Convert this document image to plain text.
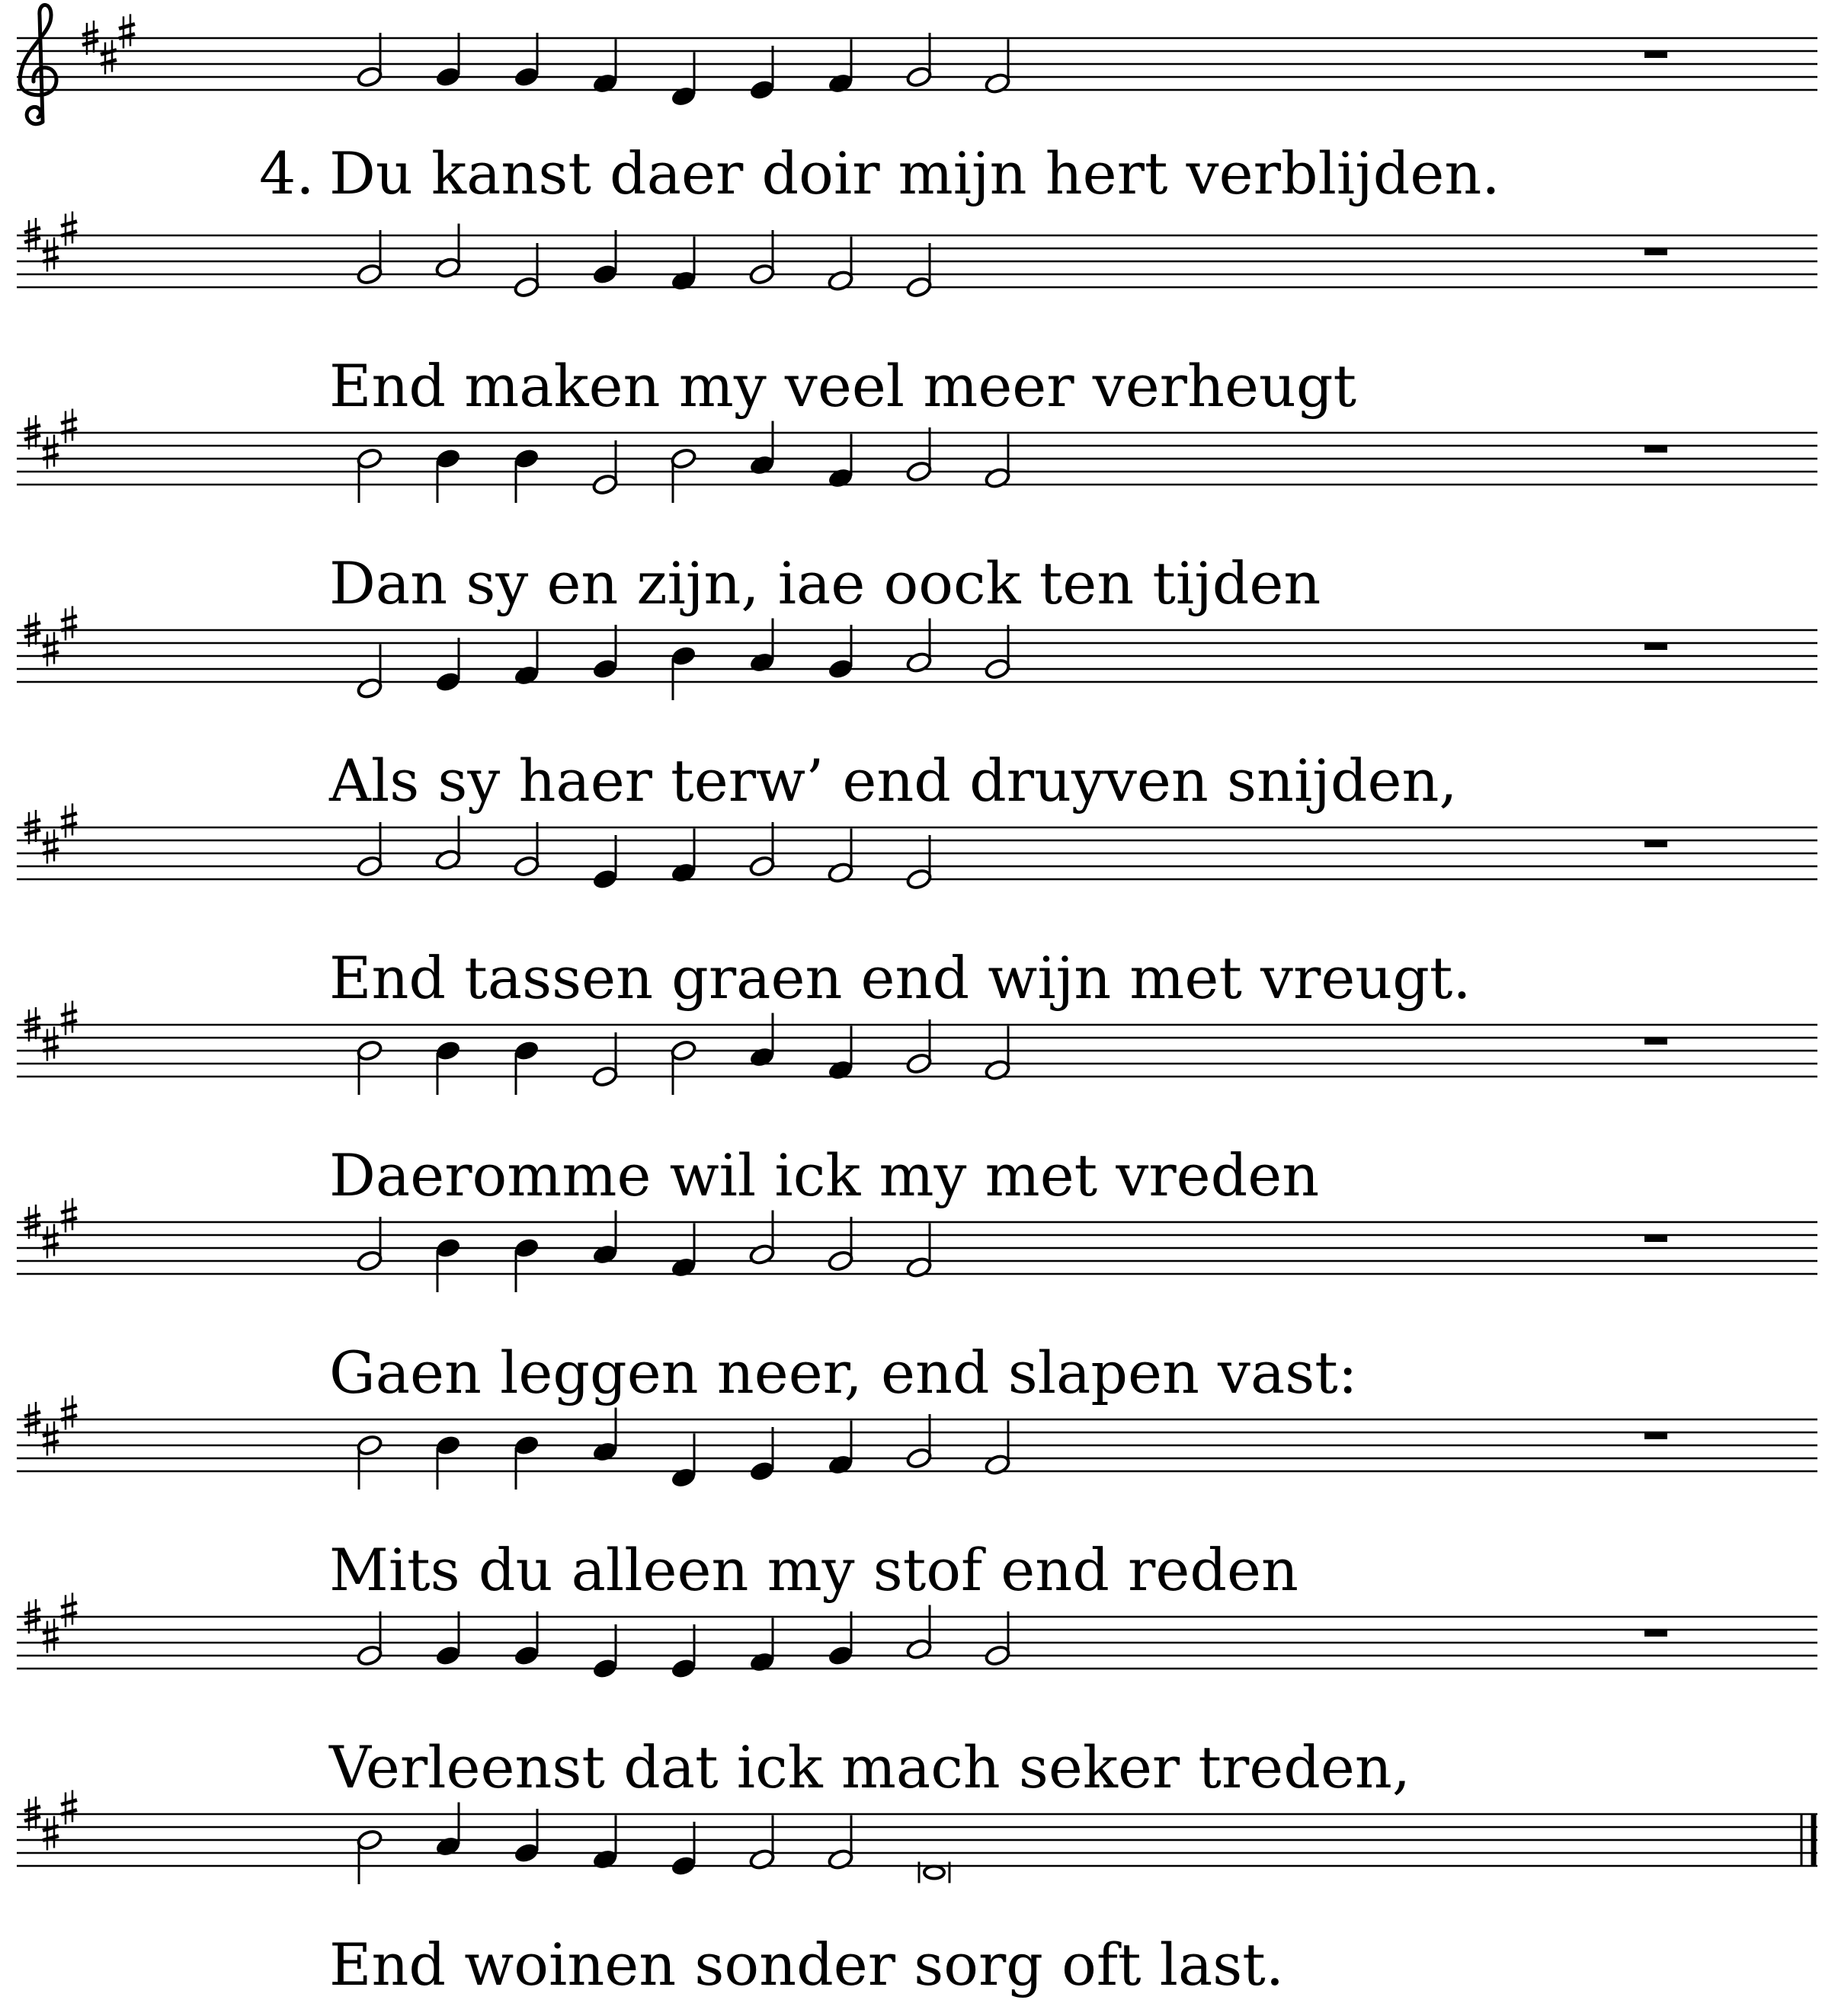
4. Du kanst daer doir mijn hert verblijden.
End maken my veel meer verheugt
Dan sy en zijn, iae oock ten tijden
Als sy haer terw’ end druyven snijden,
End tassen graen end wijn met vreugt.
Daeromme wil ick my met vreden
Gaen leggen neer, end slapen vast:
Mits du alleen my stof end reden
Verleenst dat ick mach seker treden,
End woinen sonder sorg oft last.
